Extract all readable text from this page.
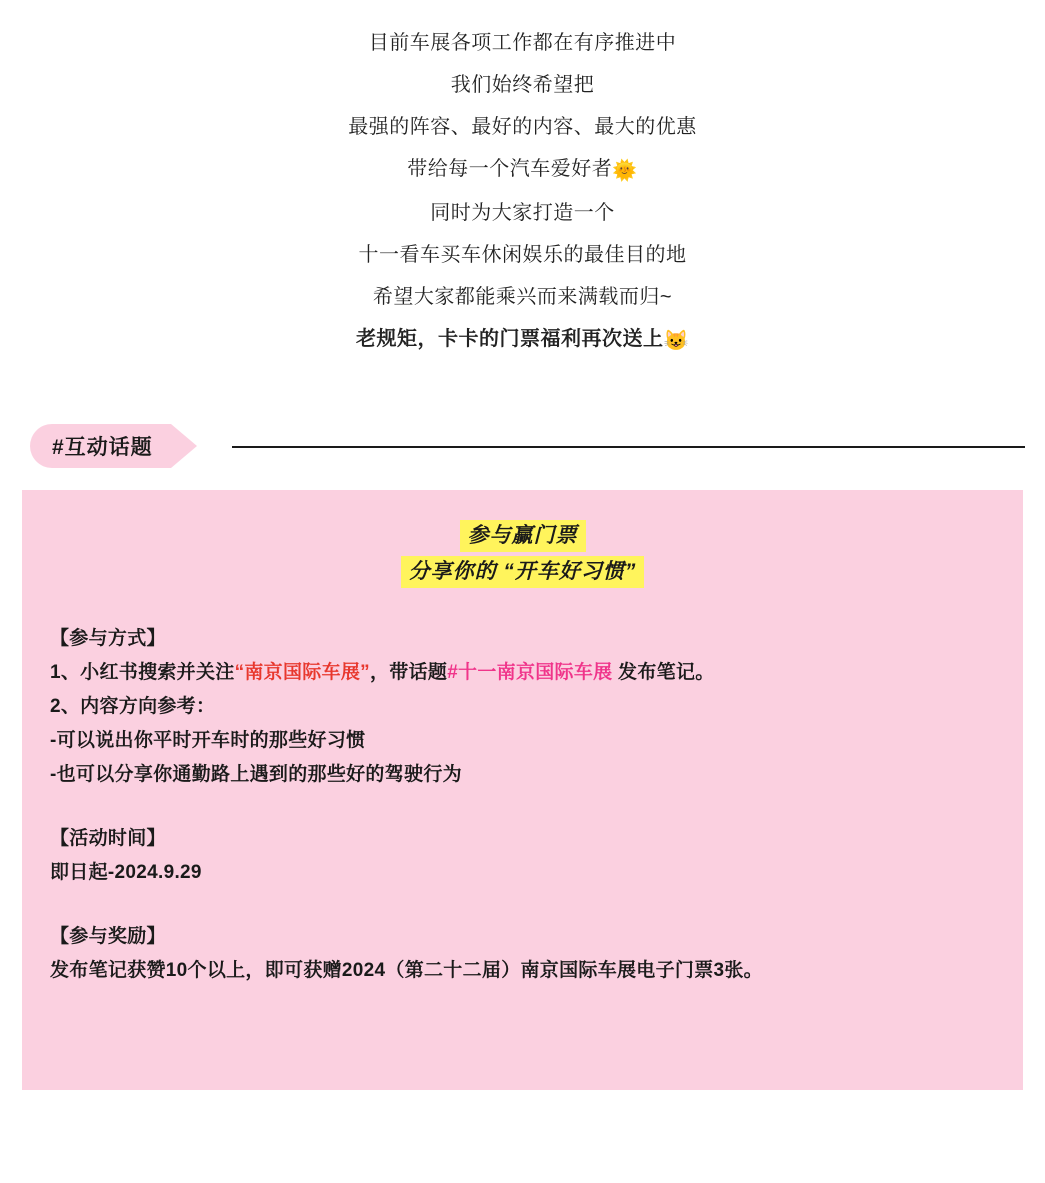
目前车展各项工作都在有序推进中
我们始终希望把
最强的阵容、最好的内容、最大的优惠
带给每一个汽车爱好者🌞
同时为大家打造一个
十一看车买车休闲娱乐的最佳目的地
希望大家都能乘兴而来满载而归~
老规矩，卡卡的门票福利再次送上😺
#互动话题
参与赢门票
分享你的 “开车好习惯”
【参与方式】
1、小红书搜索并关注“南京国际车展”，带话题#十一南京国际车展 发布笔记。
2、内容方向参考：
-可以说出你平时开车时的那些好习惯
-也可以分享你通勤路上遇到的那些好的驾驶行为
【活动时间】
即日起-2024.9.29
【参与奖励】
发布笔记获赞10个以上，即可获赠2024（第二十二届）南京国际车展电子门票3张。
